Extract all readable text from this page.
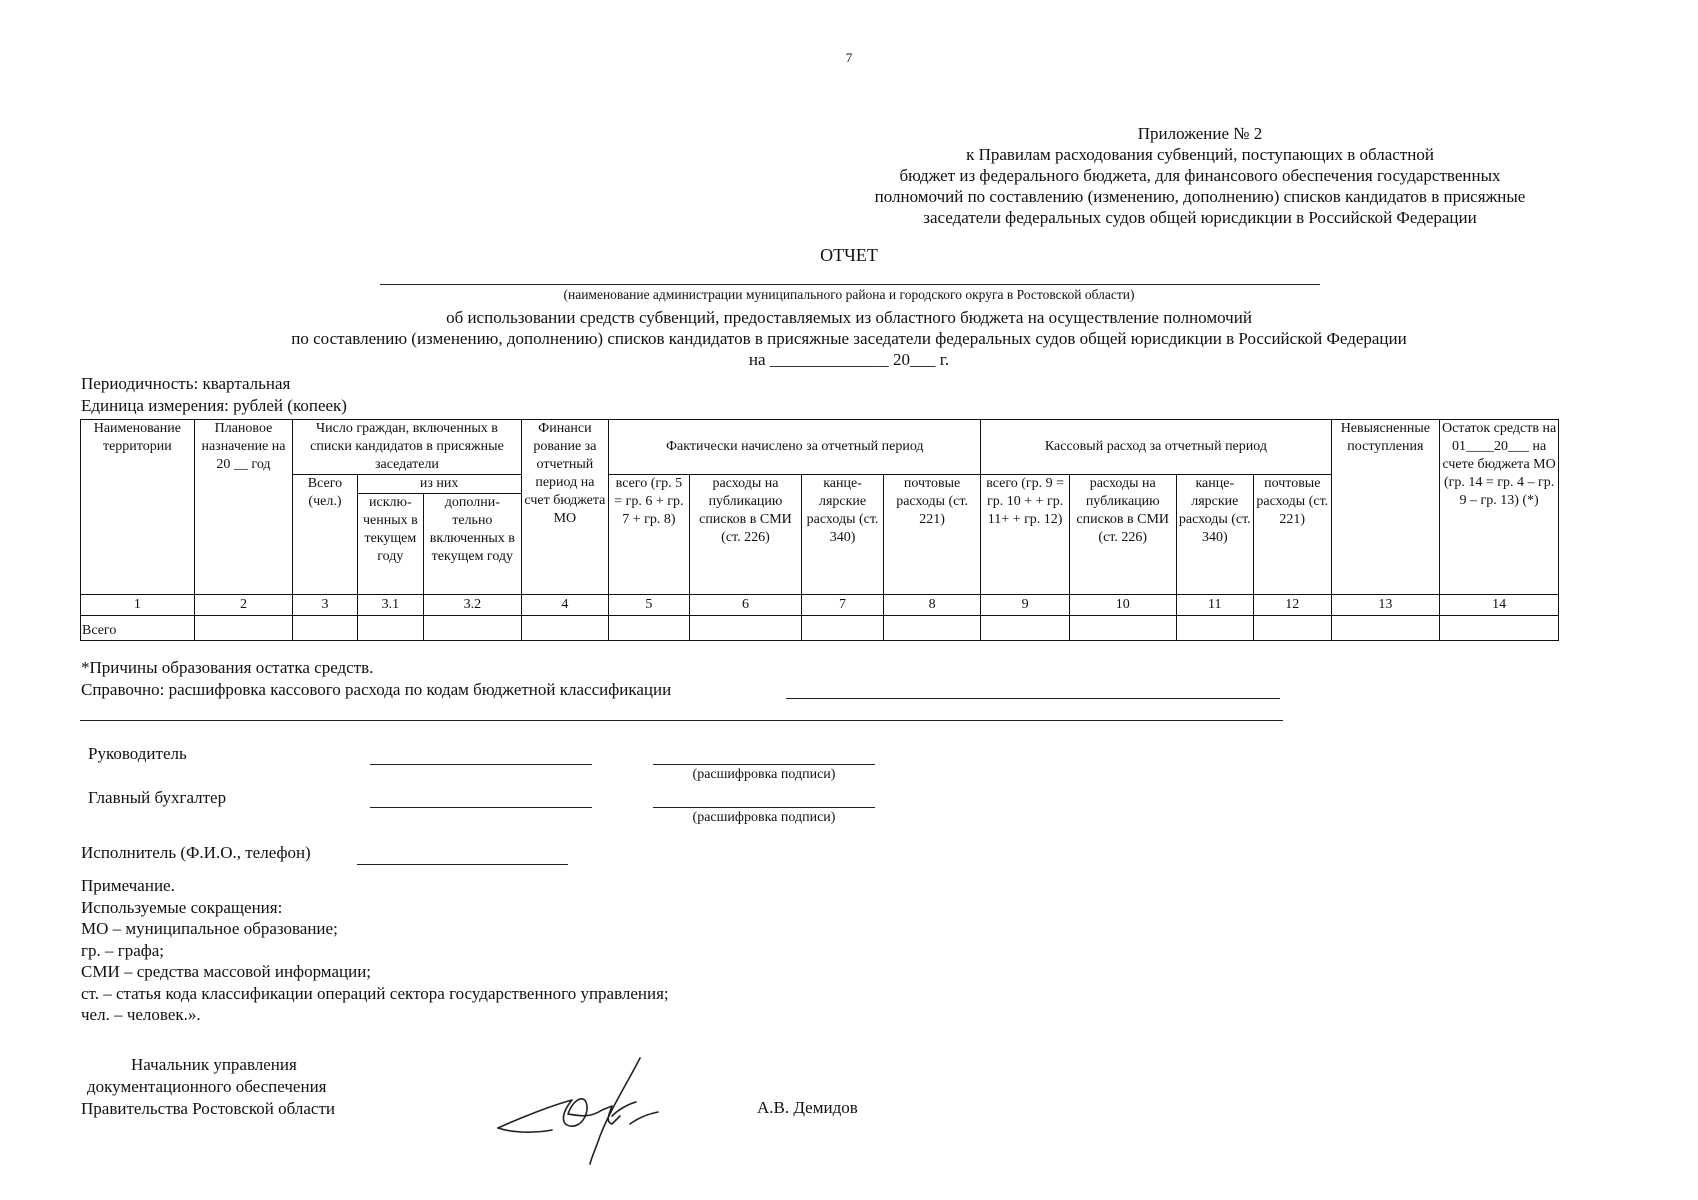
7
Приложение № 2
к Правилам расходования субвенций, поступающих в областной
бюджет из федерального бюджета, для финансового обеспечения государственных
полномочий по составлению (изменению, дополнению) списков кандидатов в присяжные
заседатели федеральных судов общей юрисдикции в Российской Федерации
ОТЧЕТ
(наименование администрации муниципального района и городского округа в Ростовской области)
об использовании средств субвенций, предоставляемых из областного бюджета на осуществление полномочий
по составлению (изменению, дополнению) списков кандидатов в присяжные заседатели федеральных судов общей юрисдикции в Российской Федерации
на ______________ 20___ г.
Периодичность: квартальная
Единица измерения: рублей (копеек)
Наименование территории	Плановое назначение на 20 __ год	Число граждан, включенных в списки кандидатов в присяжные заседатели			Финанси рование за отчетный период на счет бюджета МО	Фактически начислено за отчетный период				Кассовый расход за отчетный период				Невыясненные поступления	Остаток средств на 01____20___ на счете бюджета МО (гр. 14 = гр. 4 – гр. 9 – гр. 13) (*)
		Всего (чел.)	из них			всего (гр. 5 = гр. 6 + гр. 7 + гр. 8)	расходы на публикацию списков в СМИ (ст. 226)	канце-лярские расходы (ст. 340)	почтовые расходы (ст. 221)	всего (гр. 9 = гр. 10 + + гр. 11+ + гр. 12)	расходы на публикацию списков в СМИ (ст. 226)	канце-лярские расходы (ст. 340)	почтовые расходы (ст. 221)		
			исклю-ченных в текущем году	дополни-тельно включенных в текущем году											

1	2	3	3.1	3.2	4	5	6	7	8	9	10	11	12	13	14
Всего															
*Причины образования остатка средств.
Справочно: расшифровка кассового расхода по кодам бюджетной классификации
Руководитель
(расшифровка подписи)
Главный бухгалтер
(расшифровка подписи)
Исполнитель (Ф.И.О., телефон)
Примечание.
Используемые сокращения:
МО – муниципальное образование;
гр. – графа;
СМИ – средства массовой информации;
ст. – статья кода классификации операций сектора государственного управления;
чел. – человек.».
Начальник управления
документационного обеспечения
Правительства Ростовской области	А.В. Демидов
